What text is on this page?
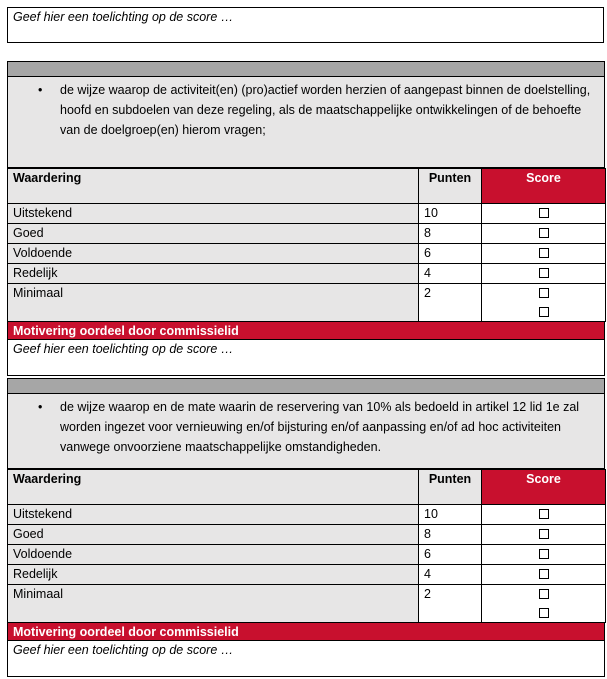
Geef hier een toelichting op de score …
• de wijze waarop de activiteit(en) (pro)actief worden herzien of aangepast binnen de doelstelling, hoofd en subdoelen van deze regeling, als de maatschappelijke ontwikkelingen of de behoefte van de doelgroep(en) hierom vragen;
Waardering	Punten	Score
Uitstekend	10	
Goed	8	
Voldoende	6	
Redelijk	4	
Minimaal	2	

Motivering oordeel door commissielid
Geef hier een toelichting op de score …
• de wijze waarop en de mate waarin de reservering van 10% als bedoeld in artikel 12 lid 1e zal worden ingezet voor vernieuwing en/of bijsturing en/of aanpassing en/of ad hoc activiteiten vanwege onvoorziene maatschappelijke omstandigheden.
Waardering	Punten	Score
Uitstekend	10	
Goed	8	
Voldoende	6	
Redelijk	4	
Minimaal	2	

Motivering oordeel door commissielid
Geef hier een toelichting op de score …
